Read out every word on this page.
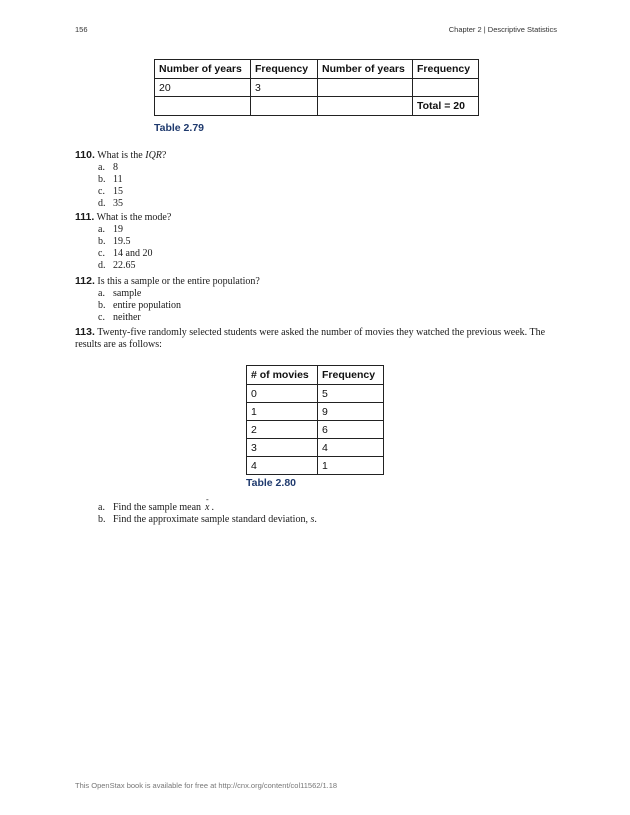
156	Chapter 2 | Descriptive Statistics
Number of years	Frequency	Number of years	Frequency
20	3		
			Total = 20
Table 2.79
110. What is the IQR?
a. 8
b. 11
c. 15
d. 35
111. What is the mode?
a. 19
b. 19.5
c. 14 and 20
d. 22.65
112. Is this a sample or the entire population?
a. sample
b. entire population
c. neither
113. Twenty-five randomly selected students were asked the number of movies they watched the previous week. The results are as follows:
# of movies	Frequency
0	5
1	9
2	6
3	4
4	1
Table 2.80
a. Find the sample mean - x .
b. Find the approximate sample standard deviation, s.
This OpenStax book is available for free at http://cnx.org/content/col11562/1.18
